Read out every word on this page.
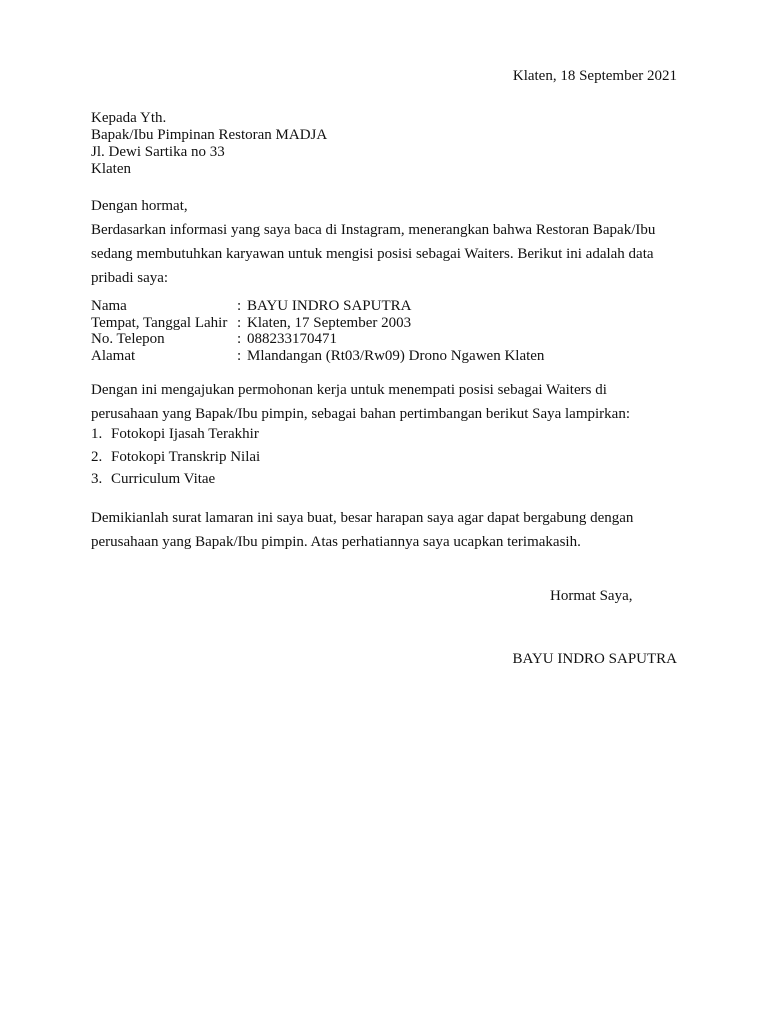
Klaten, 18 September 2021
Kepada Yth.
Bapak/Ibu Pimpinan Restoran MADJA
Jl. Dewi Sartika no 33
Klaten
Dengan hormat,

Berdasarkan informasi yang saya baca di Instagram, menerangkan bahwa Restoran Bapak/Ibu

sedang membutuhkan karyawan untuk mengisi posisi sebagai Waiters. Berikut ini adalah data

pribadi saya:

Nama	: BAYU INDRO SAPUTRA
Tempat, Tanggal Lahir : Klaten, 17 September 2003
No. Telepon	: 088233170471
Alamat	: Mlandangan (Rt03/Rw09) Drono Ngawen Klaten

Dengan ini mengajukan permohonan kerja untuk menempati posisi sebagai Waiters di

perusahaan yang Bapak/Ibu pimpin, sebagai bahan pertimbangan berikut Saya lampirkan:

1. Fotokopi Ijasah Terakhir
2. Fotokopi Transkrip Nilai
3. Curriculum Vitae

Demikianlah surat lamaran ini saya buat, besar harapan saya agar dapat bergabung dengan

perusahaan yang Bapak/Ibu pimpin. Atas perhatiannya saya ucapkan terimakasih.

Hormat Saya,
BAYU INDRO SAPUTRA
